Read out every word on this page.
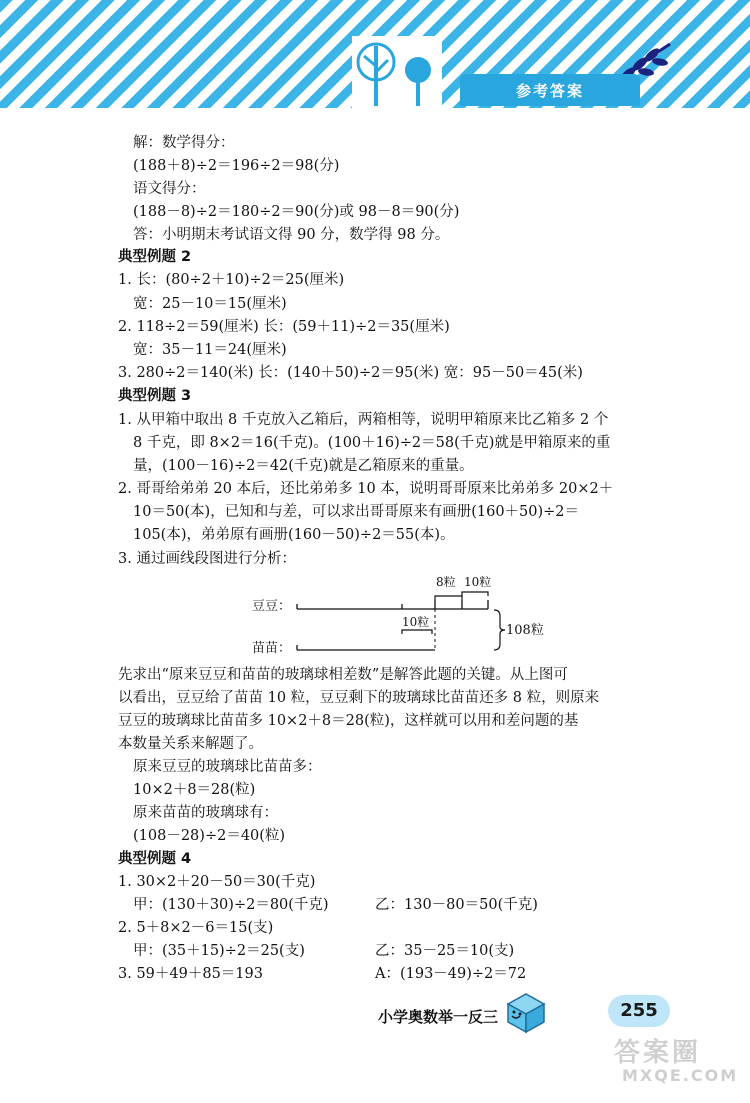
参考答案
解：数学得分：
(188＋8)÷2＝196÷2＝98(分)
语文得分：
(188－8)÷2＝180÷2＝90(分)或 98－8＝90(分)
答：小明期末考试语文得 90 分，数学得 98 分。
典型例题 2
1. 长：(80÷2＋10)÷2＝25(厘米)
宽：25－10＝15(厘米)
2. 118÷2＝59(厘米) 长：(59＋11)÷2＝35(厘米)
宽：35－11＝24(厘米)
3. 280÷2＝140(米) 长：(140＋50)÷2＝95(米) 宽：95－50＝45(米)
典型例题 3
1. 从甲箱中取出 8 千克放入乙箱后，两箱相等，说明甲箱原来比乙箱多 2 个
8 千克，即 8×2＝16(千克)。(100＋16)÷2＝58(千克)就是甲箱原来的重
量，(100－16)÷2＝42(千克)就是乙箱原来的重量。
2. 哥哥给弟弟 20 本后，还比弟弟多 10 本，说明哥哥原来比弟弟多 20×2＋
10＝50(本)，已知和与差，可以求出哥哥原来有画册(160＋50)÷2＝
105(本)，弟弟原有画册(160－50)÷2＝55(本)。
3. 通过画线段图进行分析：
豆豆：
8粒 10粒
苗苗：
10粒
108粒
先求出“原来豆豆和苗苗的玻璃球相差数”是解答此题的关键。从上图可
以看出，豆豆给了苗苗 10 粒，豆豆剩下的玻璃球比苗苗还多 8 粒，则原来
豆豆的玻璃球比苗苗多 10×2＋8＝28(粒)，这样就可以用和差问题的基
本数量关系来解题了。
原来豆豆的玻璃球比苗苗多：
10×2＋8＝28(粒)
原来苗苗的玻璃球有：
(108－28)÷2＝40(粒)
典型例题 4
1. 30×2＋20－50＝30(千克)
甲：(130＋30)÷2＝80(千克)	乙：130－80＝50(千克)
2. 5＋8×2－6＝15(支)
甲：(35＋15)÷2＝25(支)	乙：35－25＝10(支)
3. 59＋49＋85＝193	A：(193－49)÷2＝72
小学奥数举一反三	255
答案圈
MXQE.COM
